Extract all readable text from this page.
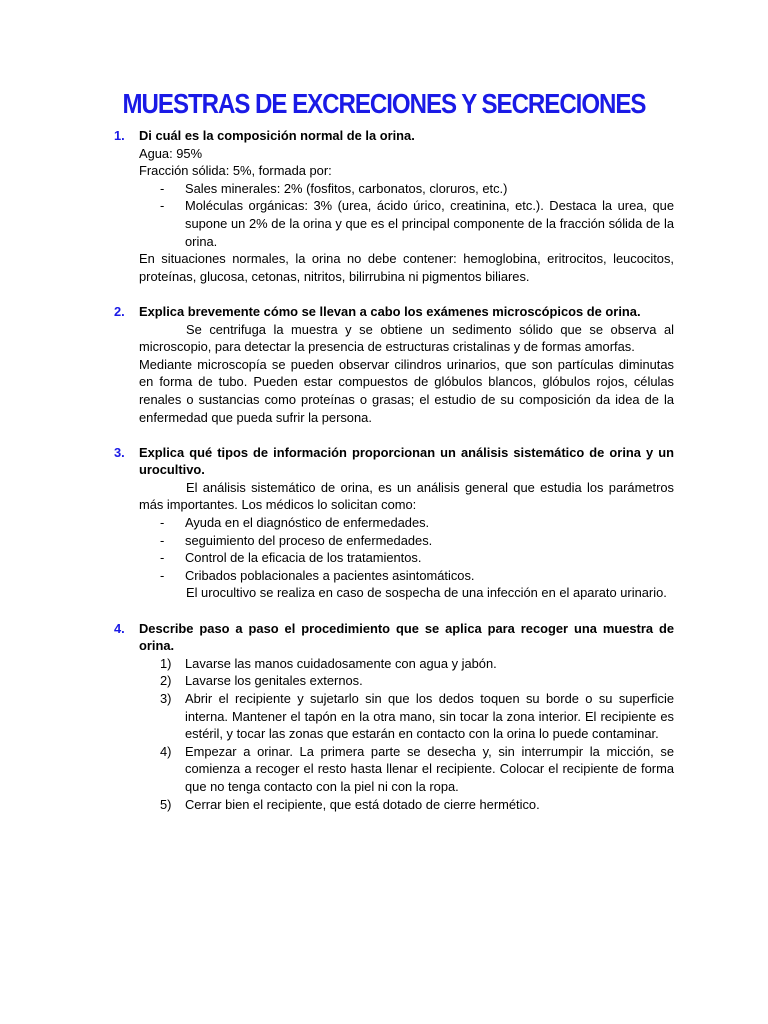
MUESTRAS DE EXCRECIONES Y SECRECIONES
1. Di cuál es la composición normal de la orina.

Agua: 95%

Fracción sólida: 5%, formada por:

- Sales minerales: 2% (fosfitos, carbonatos, cloruros, etc.)
- Moléculas orgánicas: 3% (urea, ácido úrico, creatinina, etc.). Destaca la urea, que supone un 2% de la orina y que es el principal componente de la fracción sólida de la orina.

En situaciones normales, la orina no debe contener: hemoglobina, eritrocitos, leucocitos, proteínas, glucosa, cetonas, nitritos, bilirrubina ni pigmentos biliares.

2. Explica brevemente cómo se llevan a cabo los exámenes microscópicos de orina.

Se centrifuga la muestra y se obtiene un sedimento sólido que se observa al microscopio, para detectar la presencia de estructuras cristalinas y de formas amorfas.

Mediante microscopía se pueden observar cilindros urinarios, que son partículas diminutas en forma de tubo. Pueden estar compuestos de glóbulos blancos, glóbulos rojos, células renales o sustancias como proteínas o grasas; el estudio de su composición da idea de la enfermedad que pueda sufrir la persona.

3. Explica qué tipos de información proporcionan un análisis sistemático de orina y un urocultivo.

El análisis sistemático de orina, es un análisis general que estudia los parámetros más importantes. Los médicos lo solicitan como:

- Ayuda en el diagnóstico de enfermedades.
- seguimiento del proceso de enfermedades.
- Control de la eficacia de los tratamientos.
- Cribados poblacionales a pacientes asintomáticos.

El urocultivo se realiza en caso de sospecha de una infección en el aparato urinario.

4. Describe paso a paso el procedimiento que se aplica para recoger una muestra de orina.
1) Lavarse las manos cuidadosamente con agua y jabón.
2) Lavarse los genitales externos.
3) Abrir el recipiente y sujetarlo sin que los dedos toquen su borde o su superficie interna. Mantener el tapón en la otra mano, sin tocar la zona interior. El recipiente es estéril, y tocar las zonas que estarán en contacto con la orina lo puede contaminar.
4) Empezar a orinar. La primera parte se desecha y, sin interrumpir la micción, se comienza a recoger el resto hasta llenar el recipiente. Colocar el recipiente de forma que no tenga contacto con la piel ni con la ropa.
5) Cerrar bien el recipiente, que está dotado de cierre hermético.
